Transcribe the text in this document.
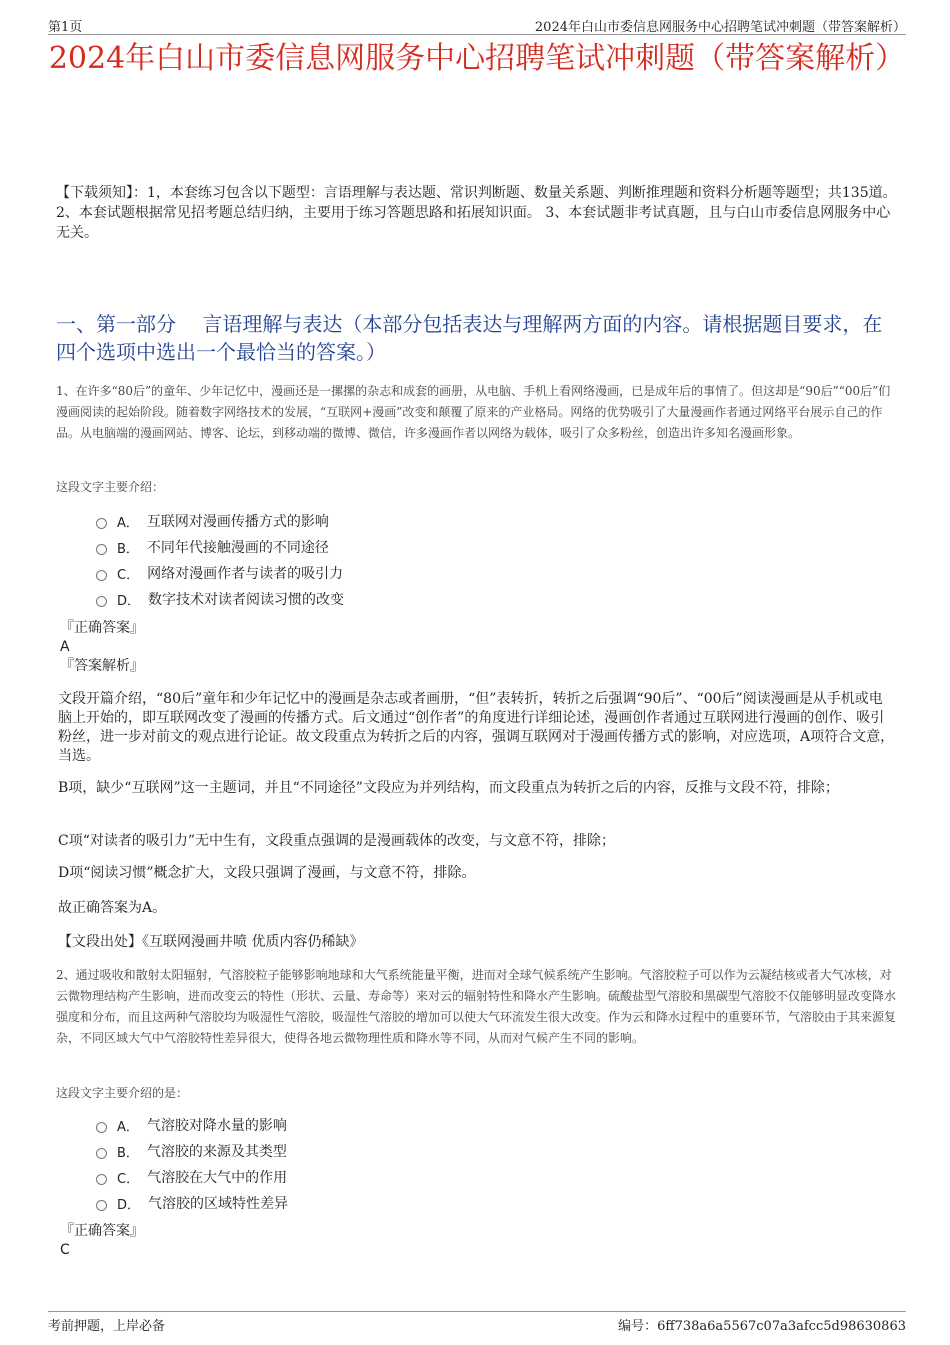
第1页	2024年白山市委信息网服务中心招聘笔试冲刺题（带答案解析）
2024年白山市委信息网服务中心招聘笔试冲刺题（带答案解析）
【下载须知】：1，本套练习包含以下题型：言语理解与表达题、常识判断题、数量关系题、判断推理题和资料分析题等题型；共135道。 2、本套试题根据常见招考题总结归纳，主要用于练习答题思路和拓展知识面。 3、本套试题非考试真题，且与白山市委信息网服务中心无关。
一、第一部分　 言语理解与表达（本部分包括表达与理解两方面的内容。请根据题目要求，在四个选项中选出一个最恰当的答案。）
1、在许多“80后”的童年、少年记忆中，漫画还是一摞摞的杂志和成套的画册，从电脑、手机上看网络漫画，已是成年后的事情了。但这却是“90后”“00后”们漫画阅读的起始阶段。随着数字网络技术的发展，“互联网+漫画”改变和颠覆了原来的产业格局。网络的优势吸引了大量漫画作者通过网络平台展示自己的作品。从电脑端的漫画网站、博客、论坛，到移动端的微博、微信，许多漫画作者以网络为载体，吸引了众多粉丝，创造出许多知名漫画形象。
这段文字主要介绍：
A． 互联网对漫画传播方式的影响
B． 不同年代接触漫画的不同途径
C． 网络对漫画作者与读者的吸引力
D． 数字技术对读者阅读习惯的改变
『正确答案』
A
『答案解析』
文段开篇介绍，“80后”童年和少年记忆中的漫画是杂志或者画册，“但”表转折，转折之后强调“90后”、“00后”阅读漫画是从手机或电脑上开始的，即互联网改变了漫画的传播方式。后文通过“创作者”的角度进行详细论述，漫画创作者通过互联网进行漫画的创作、吸引粉丝，进一步对前文的观点进行论证。故文段重点为转折之后的内容，强调互联网对于漫画传播方式的影响，对应选项，A项符合文意，当选。
B项，缺少“互联网”这一主题词，并且“不同途径”文段应为并列结构，而文段重点为转折之后的内容，反推与文段不符，排除；
C项“对读者的吸引力”无中生有，文段重点强调的是漫画载体的改变，与文意不符，排除；
D项“阅读习惯”概念扩大，文段只强调了漫画，与文意不符，排除。
故正确答案为A。
【文段出处】《互联网漫画井喷 优质内容仍稀缺》
2、通过吸收和散射太阳辐射，气溶胶粒子能够影响地球和大气系统能量平衡，进而对全球气候系统产生影响。气溶胶粒子可以作为云凝结核或者大气冰核，对云微物理结构产生影响，进而改变云的特性（形状、云量、寿命等）来对云的辐射特性和降水产生影响。硫酸盐型气溶胶和黑碳型气溶胶不仅能够明显改变降水强度和分布，而且这两种气溶胶均为吸湿性气溶胶，吸湿性气溶胶的增加可以使大气环流发生很大改变。作为云和降水过程中的重要环节，气溶胶由于其来源复杂，不同区域大气中气溶胶特性差异很大，使得各地云微物理性质和降水等不同，从而对气候产生不同的影响。
这段文字主要介绍的是：
A． 气溶胶对降水量的影响
B． 气溶胶的来源及其类型
C． 气溶胶在大气中的作用
D． 气溶胶的区域特性差异
『正确答案』
C
考前押题，上岸必备	编号：6ff738a6a5567c07a3afcc5d98630863
